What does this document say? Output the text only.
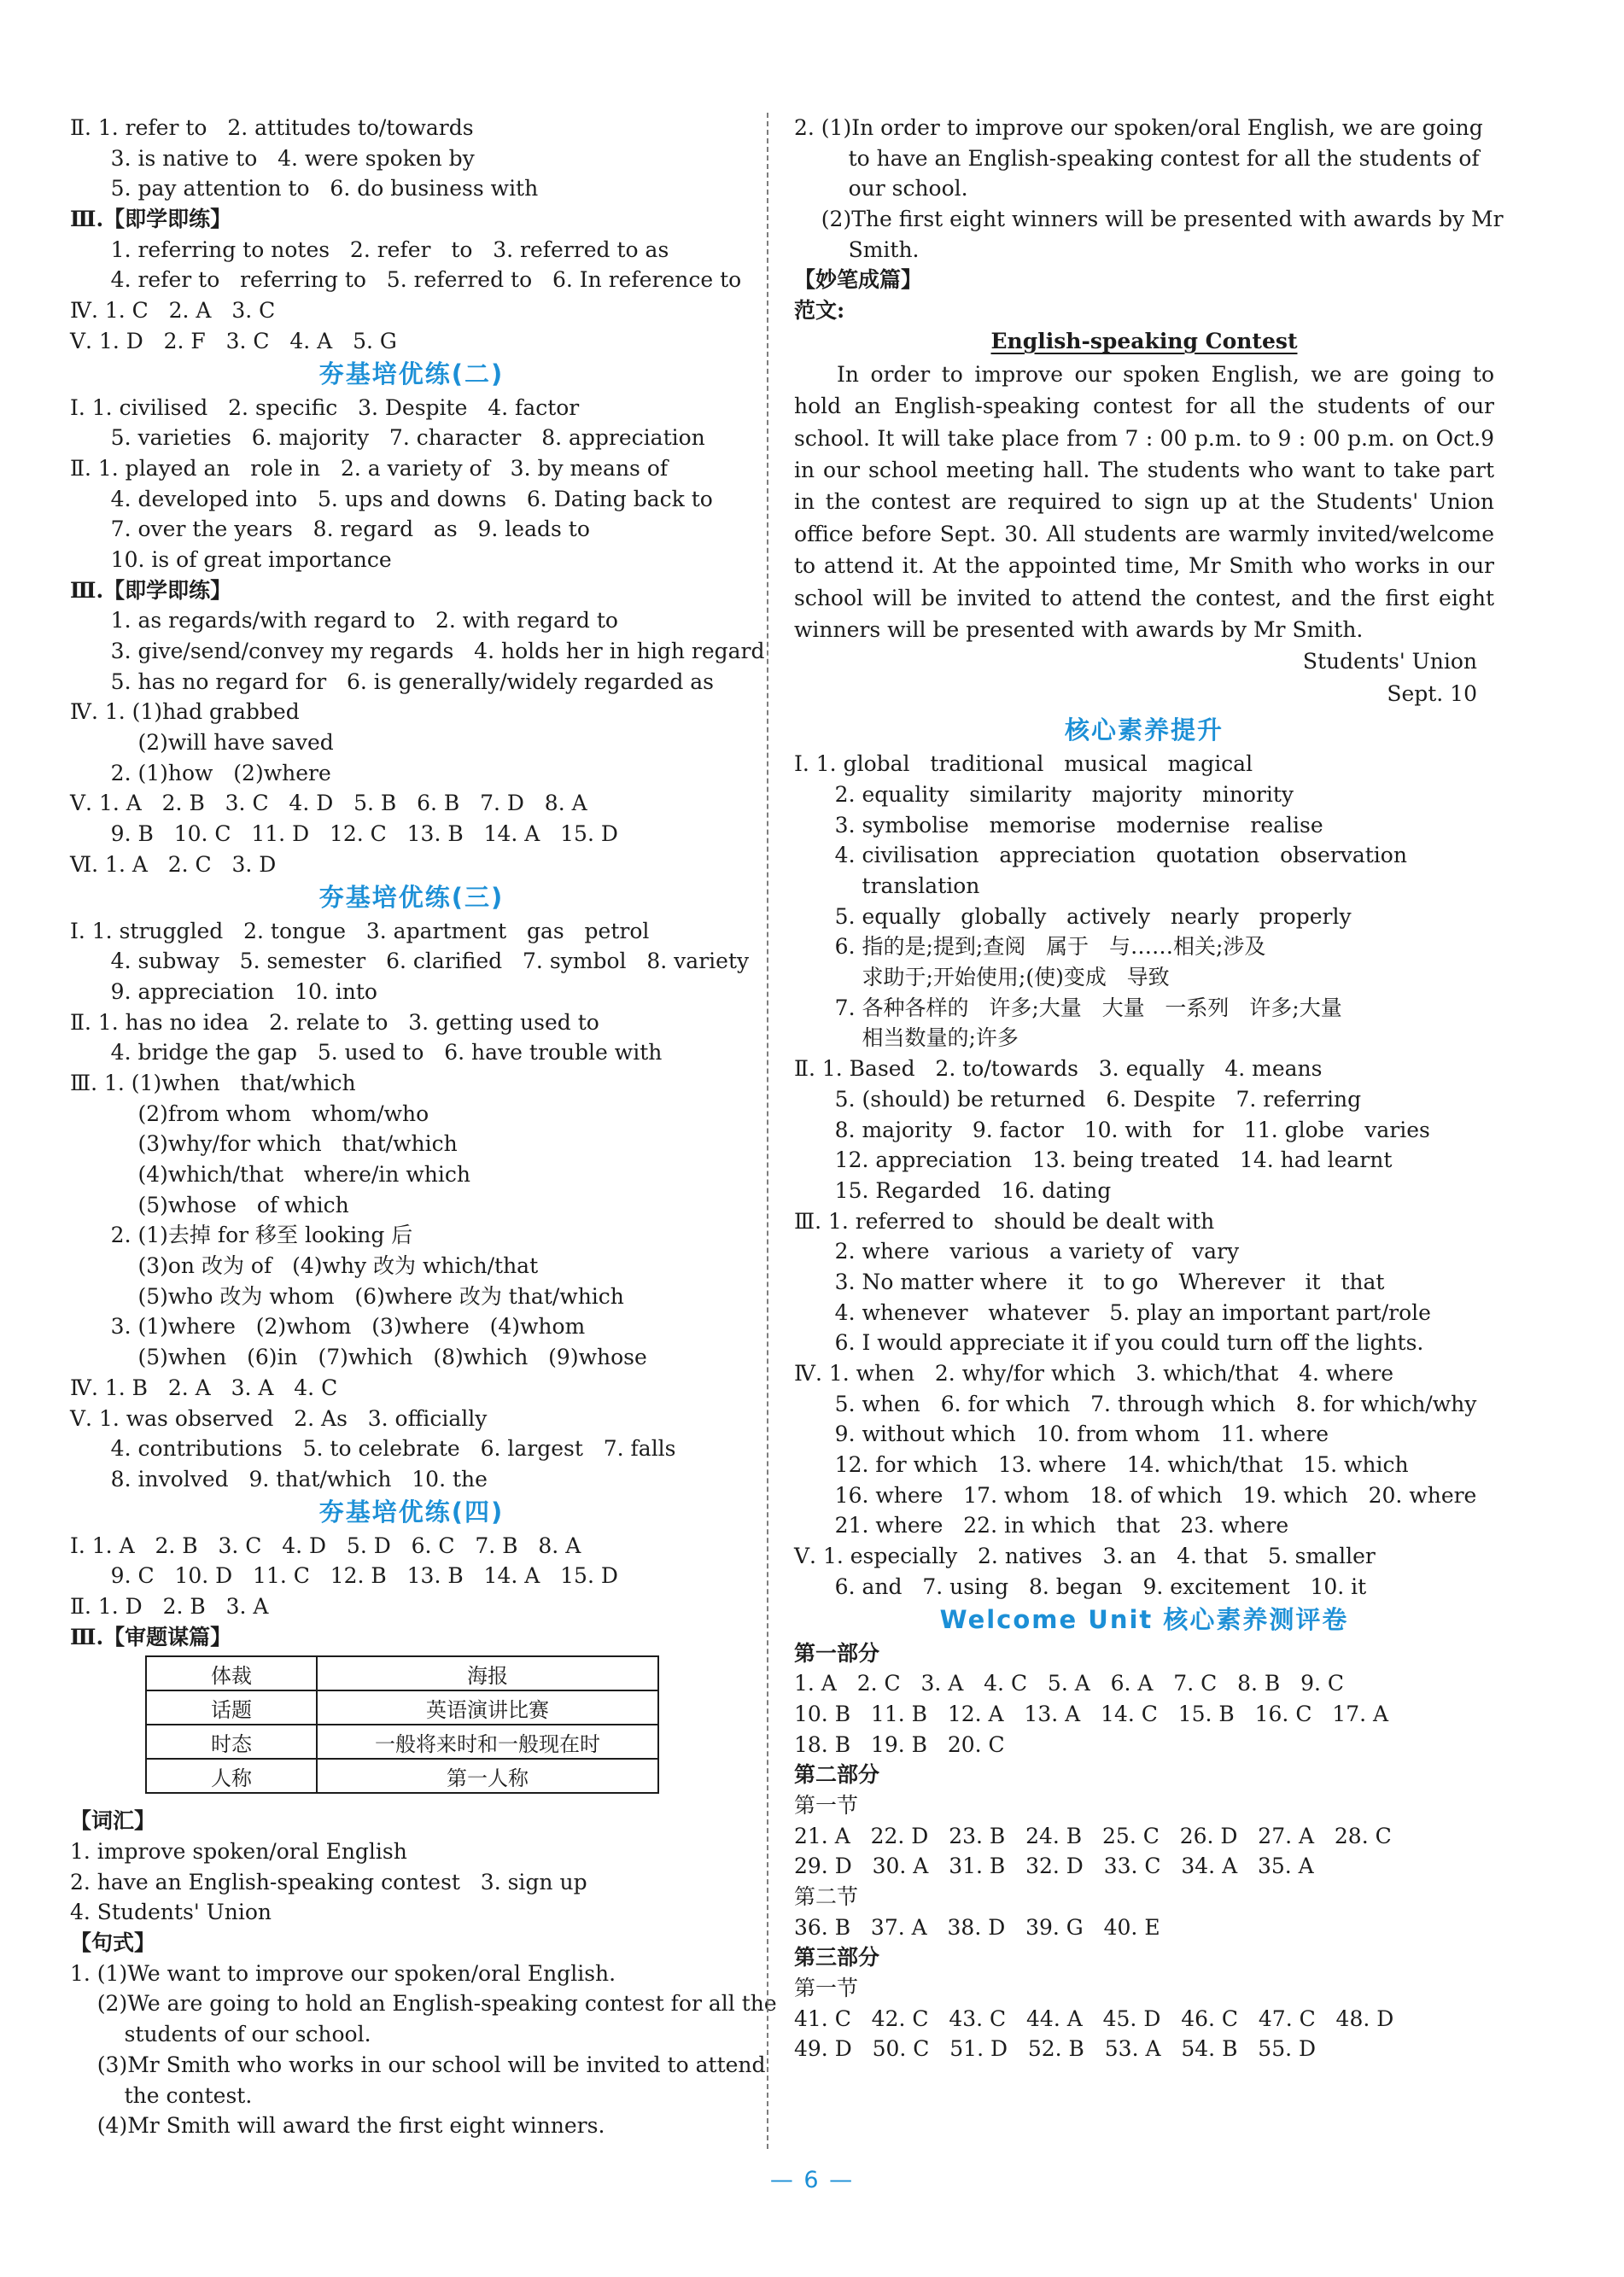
Ⅱ. 1. refer to   2. attitudes to/towards
3. is native to   4. were spoken by
5. pay attention to   6. do business with
Ⅲ.【即学即练】
1. referring to notes   2. refer   to   3. referred to as
4. refer to   referring to   5. referred to   6. In reference to
Ⅳ. 1. C   2. A   3. C
Ⅴ. 1. D   2. F   3. C   4. A   5. G
夯基培优练(二)
Ⅰ. 1. civilised   2. specific   3. Despite   4. factor
5. varieties   6. majority   7. character   8. appreciation
Ⅱ. 1. played an   role in   2. a variety of   3. by means of
4. developed into   5. ups and downs   6. Dating back to
7. over the years   8. regard   as   9. leads to
10. is of great importance
Ⅲ.【即学即练】
1. as regards/with regard to   2. with regard to
3. give/send/convey my regards   4. holds her in high regard
5. has no regard for   6. is generally/widely regarded as
Ⅳ. 1. (1)had grabbed
(2)will have saved
2. (1)how   (2)where
Ⅴ. 1. A   2. B   3. C   4. D   5. B   6. B   7. D   8. A
9. B   10. C   11. D   12. C   13. B   14. A   15. D
Ⅵ. 1. A   2. C   3. D
夯基培优练(三)
Ⅰ. 1. struggled   2. tongue   3. apartment   gas   petrol
4. subway   5. semester   6. clarified   7. symbol   8. variety
9. appreciation   10. into
Ⅱ. 1. has no idea   2. relate to   3. getting used to
4. bridge the gap   5. used to   6. have trouble with
Ⅲ. 1. (1)when   that/which
(2)from whom   whom/who
(3)why/for which   that/which
(4)which/that   where/in which
(5)whose   of which
2. (1)去掉 for 移至 looking 后
(3)on 改为 of   (4)why 改为 which/that
(5)who 改为 whom   (6)where 改为 that/which
3. (1)where   (2)whom   (3)where   (4)whom
(5)when   (6)in   (7)which   (8)which   (9)whose
Ⅳ. 1. B   2. A   3. A   4. C
Ⅴ. 1. was observed   2. As   3. officially
4. contributions   5. to celebrate   6. largest   7. falls
8. involved   9. that/which   10. the
夯基培优练(四)
Ⅰ. 1. A   2. B   3. C   4. D   5. D   6. C   7. B   8. A
9. C   10. D   11. C   12. B   13. B   14. A   15. D
Ⅱ. 1. D   2. B   3. A
Ⅲ.【审题谋篇】
体裁	海报
话题	英语演讲比赛
时态	一般将来时和一般现在时
人称	第一人称
【词汇】
1. improve spoken/oral English
2. have an English-speaking contest   3. sign up
4. Students' Union
【句式】
1. (1)We want to improve our spoken/oral English.
(2)We are going to hold an English-speaking contest for all the
students of our school.
(3)Mr Smith who works in our school will be invited to attend
the contest.
(4)Mr Smith will award the first eight winners.
2. (1)In order to improve our spoken/oral English, we are going
to have an English-speaking contest for all the students of
our school.
(2)The first eight winners will be presented with awards by Mr
Smith.
【妙笔成篇】
范文:
English-speaking Contest

In order to improve our spoken English, we are going to hold an English-speaking contest for all the students of our school. It will take place from 7 : 00 p.m. to 9 : 00 p.m. on Oct.9 in our school meeting hall. The students who want to take part in the contest are required to sign up at the Students' Union office before Sept. 30. All students are warmly invited/welcome to attend it. At the appointed time, Mr Smith who works in our school will be invited to attend the contest, and the first eight winners will be presented with awards by Mr Smith.

Students' Union
Sept. 10
核心素养提升
Ⅰ. 1. global   traditional   musical   magical
2. equality   similarity   majority   minority
3. symbolise   memorise   modernise   realise
4. civilisation   appreciation   quotation   observation
translation
5. equally   globally   actively   nearly   properly
6. 指的是;提到;查阅   属于   与……相关;涉及
求助于;开始使用;(使)变成   导致
7. 各种各样的   许多;大量   大量   一系列   许多;大量
相当数量的;许多
Ⅱ. 1. Based   2. to/towards   3. equally   4. means
5. (should) be returned   6. Despite   7. referring
8. majority   9. factor   10. with   for   11. globe   varies
12. appreciation   13. being treated   14. had learnt
15. Regarded   16. dating
Ⅲ. 1. referred to   should be dealt with
2. where   various   a variety of   vary
3. No matter where   it   to go   Wherever   it   that
4. whenever   whatever   5. play an important part/role
6. I would appreciate it if you could turn off the lights.
Ⅳ. 1. when   2. why/for which   3. which/that   4. where
5. when   6. for which   7. through which   8. for which/why
9. without which   10. from whom   11. where
12. for which   13. where   14. which/that   15. which
16. where   17. whom   18. of which   19. which   20. where
21. where   22. in which   that   23. where
Ⅴ. 1. especially   2. natives   3. an   4. that   5. smaller
6. and   7. using   8. began   9. excitement   10. it
Welcome Unit 核心素养测评卷
第一部分
1. A   2. C   3. A   4. C   5. A   6. A   7. C   8. B   9. C
10. B   11. B   12. A   13. A   14. C   15. B   16. C   17. A
18. B   19. B   20. C
第二部分
第一节
21. A   22. D   23. B   24. B   25. C   26. D   27. A   28. C
29. D   30. A   31. B   32. D   33. C   34. A   35. A
第二节
36. B   37. A   38. D   39. G   40. E
第三部分
第一节
41. C   42. C   43. C   44. A   45. D   46. C   47. C   48. D
49. D   50. C   51. D   52. B   53. A   54. B   55. D
— 6 —
